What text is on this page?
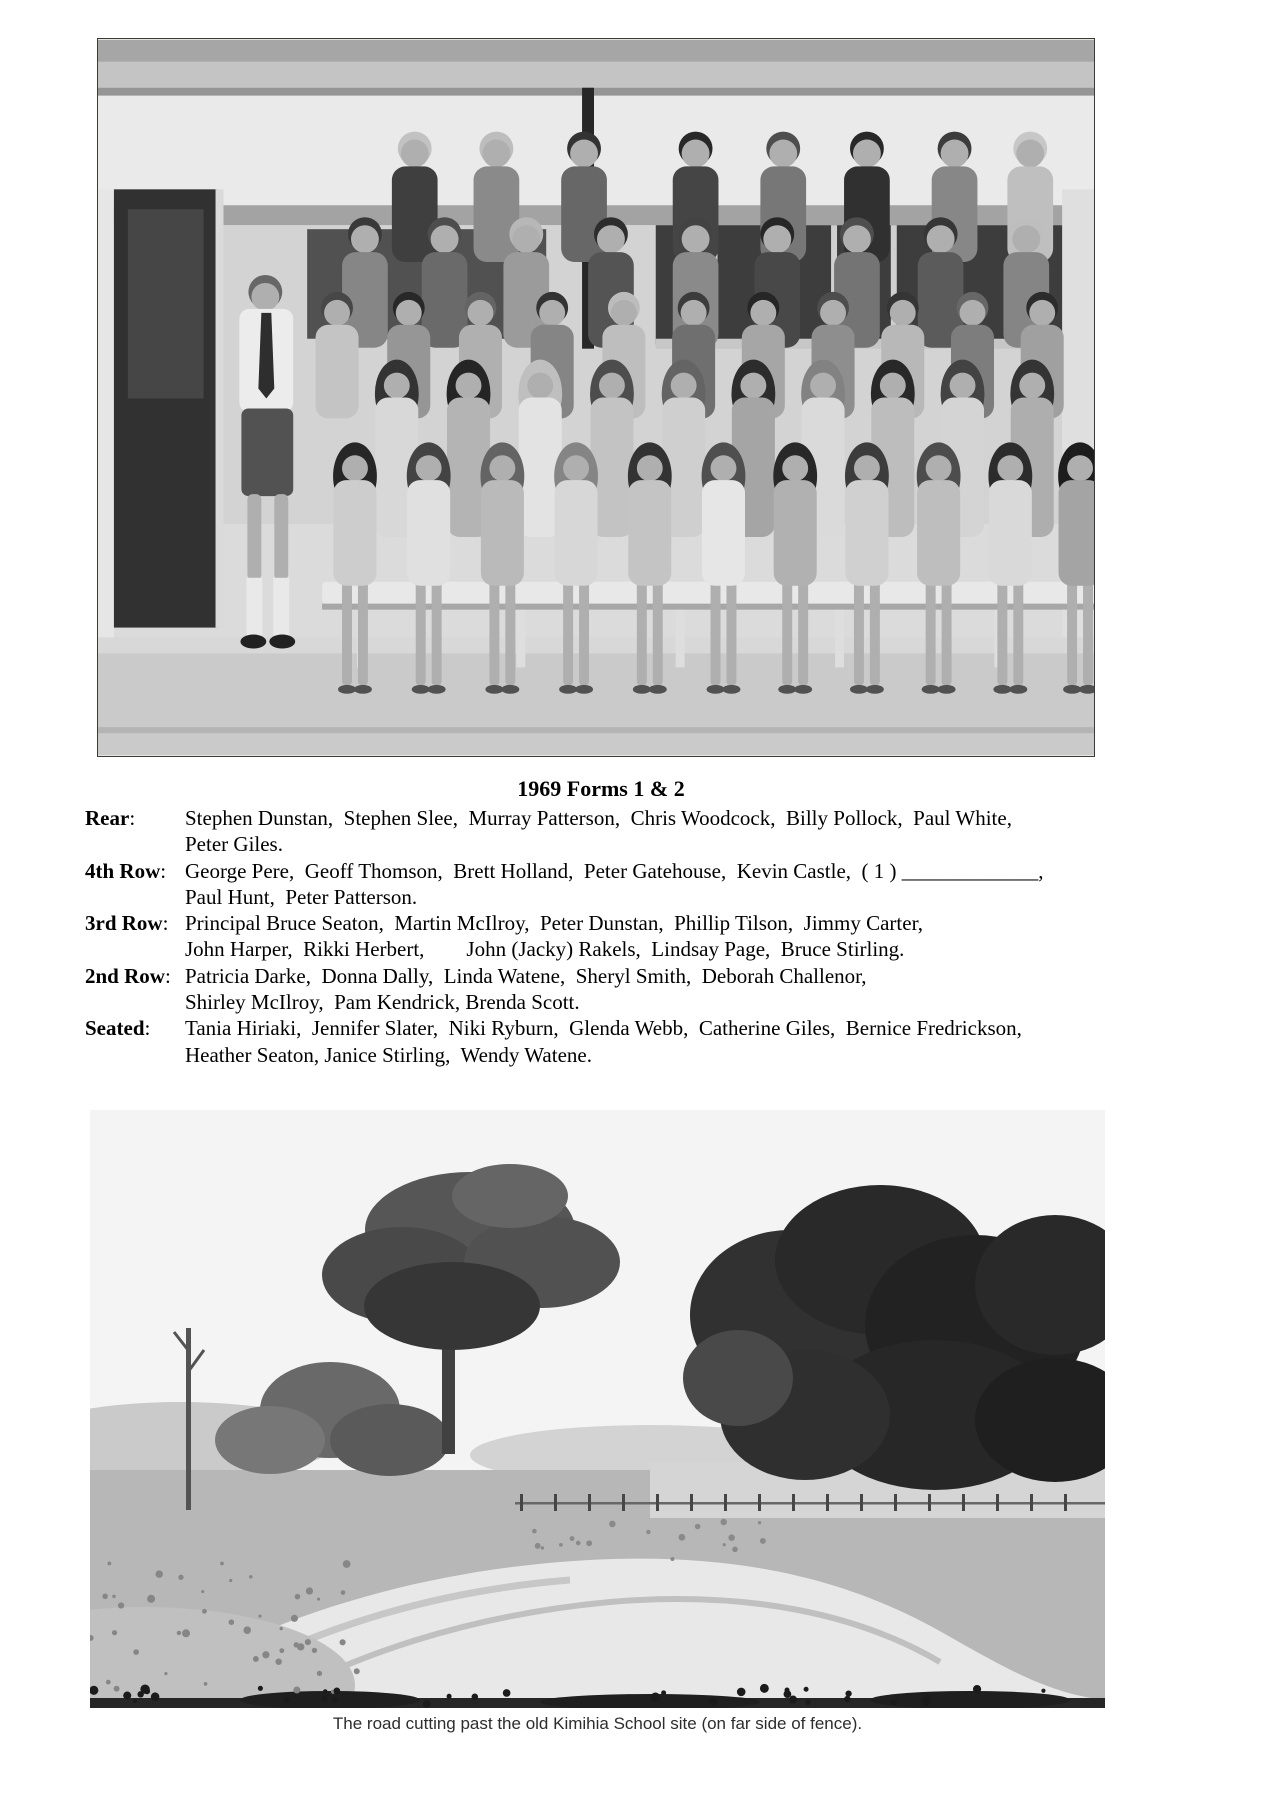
1969 Forms 1 & 2
Rear:	Stephen Dunstan,  Stephen Slee,  Murray Patterson,  Chris Woodcock,  Billy Pollock,  Paul White,
Peter Giles.
4th Row: George Pere,  Geoff Thomson,  Brett Holland,  Peter Gatehouse,  Kevin Castle,  ( 1 ) _____________,
Paul Hunt,  Peter Patterson.
3rd Row: Principal Bruce Seaton,  Martin McIlroy,  Peter Dunstan,  Phillip Tilson,  Jimmy Carter,
John Harper,  Rikki Herbert,        John (Jacky) Rakels,  Lindsay Page,  Bruce Stirling.
2nd Row: Patricia Darke,  Donna Dally,  Linda Watene,  Sheryl Smith,  Deborah Challenor,
Shirley McIlroy,  Pam Kendrick, Brenda Scott.
Seated:	Tania Hiriaki,  Jennifer Slater,  Niki Ryburn,  Glenda Webb,  Catherine Giles,  Bernice Fredrickson,
Heather Seaton, Janice Stirling,  Wendy Watene.

The road cutting past the old Kimihia School site (on far side of fence).
